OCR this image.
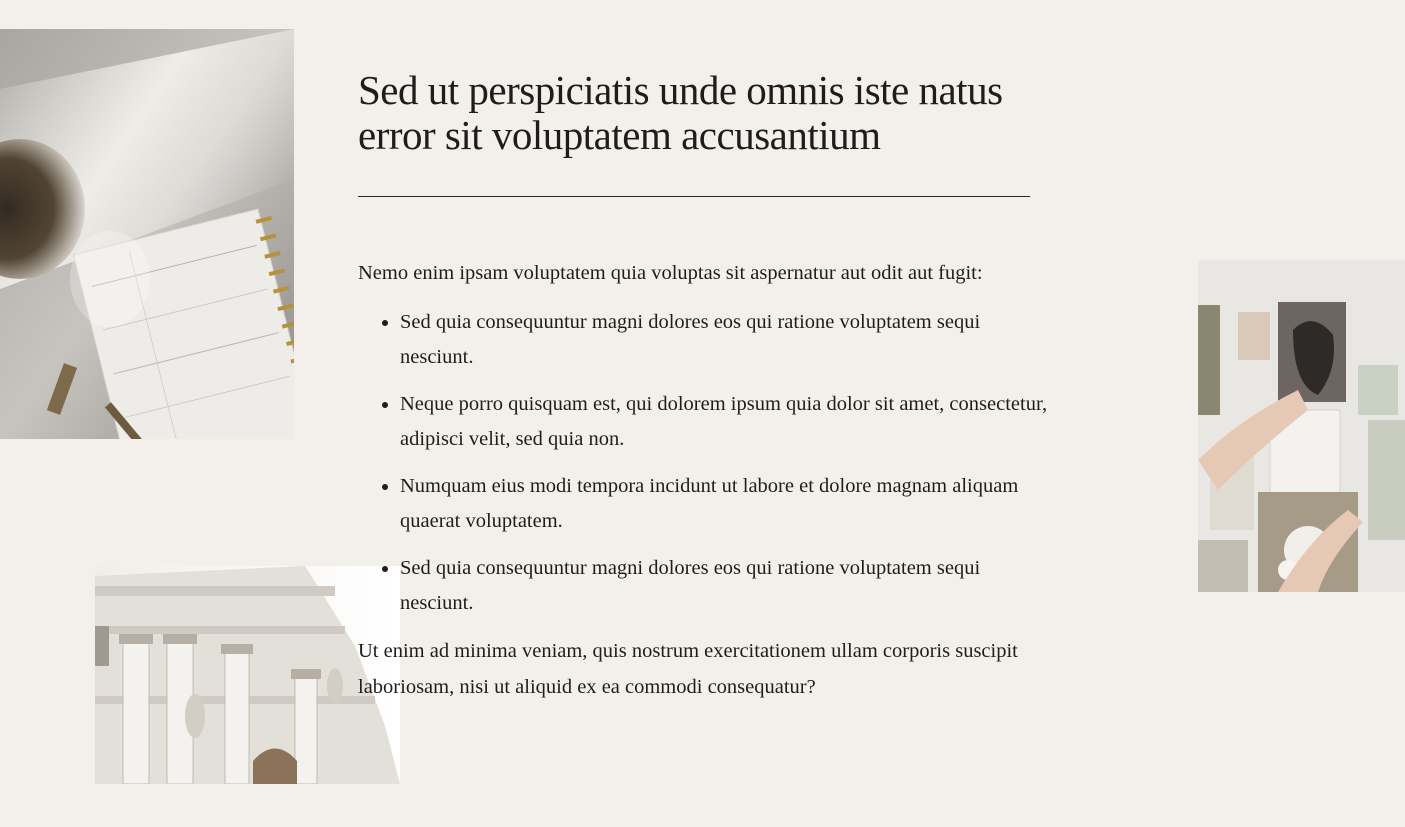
Sed ut perspiciatis unde omnis iste natus error sit voluptatem accusantium

Nemo enim ipsam voluptatem quia voluptas sit aspernatur aut odit aut fugit:

Sed quia consequuntur magni dolores eos qui ratione voluptatem sequi nesciunt.
Neque porro quisquam est, qui dolorem ipsum quia dolor sit amet, consectetur, adipisci velit, sed quia non.
Numquam eius modi tempora incidunt ut labore et dolore magnam aliquam quaerat voluptatem.
Sed quia consequuntur magni dolores eos qui ratione voluptatem sequi nesciunt.

Ut enim ad minima veniam, quis nostrum exercitationem ullam corporis suscipit laboriosam, nisi ut aliquid ex ea commodi consequatur?
